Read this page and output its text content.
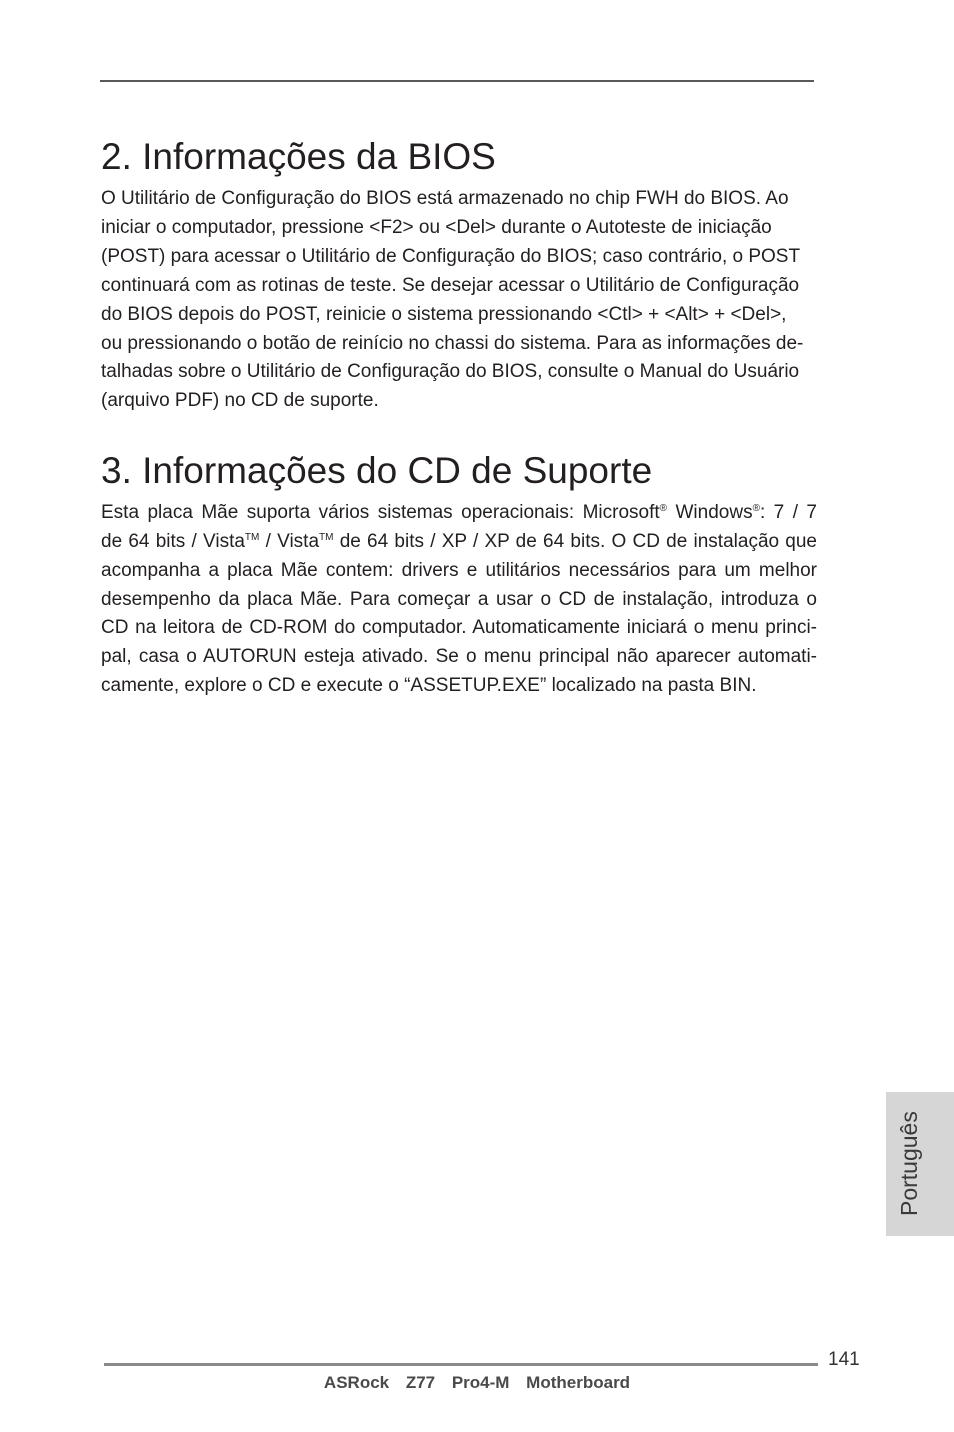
2. Informações da BIOS
O Utilitário de Configuração do BIOS está armazenado no chip FWH do BIOS. Ao
iniciar o computador, pressione <F2> ou <Del> durante o Autoteste de iniciação
(POST) para acessar o Utilitário de Configuração do BIOS; caso contrário, o POST
continuará com as rotinas de teste. Se desejar acessar o Utilitário de Configuração
do BIOS depois do POST, reinicie o sistema pressionando <Ctl> + <Alt> + <Del>,
ou pressionando o botão de reinício no chassi do sistema. Para as informações de-
talhadas sobre o Utilitário de Configuração do BIOS, consulte o Manual do Usuário
(arquivo PDF) no CD de suporte.
3. Informações do CD de Suporte
Esta placa Mãe suporta vários sistemas operacionais: Microsoft® Windows®: 7 / 7
de 64 bits / Vista™ / Vista™ de 64 bits / XP / XP de 64 bits. O CD de instalação que
acompanha a placa Mãe contem: drivers e utilitários necessários para um melhor
desempenho da placa Mãe. Para começar a usar o CD de instalação, introduza o
CD na leitora de CD-ROM do computador. Automaticamente iniciará o menu princi-
pal, casa o AUTORUN esteja ativado. Se o menu principal não aparecer automati-
camente, explore o CD e execute o “ASSETUP.EXE” localizado na pasta BIN.
Português
141
ASRock Z77 Pro4-M Motherboard
